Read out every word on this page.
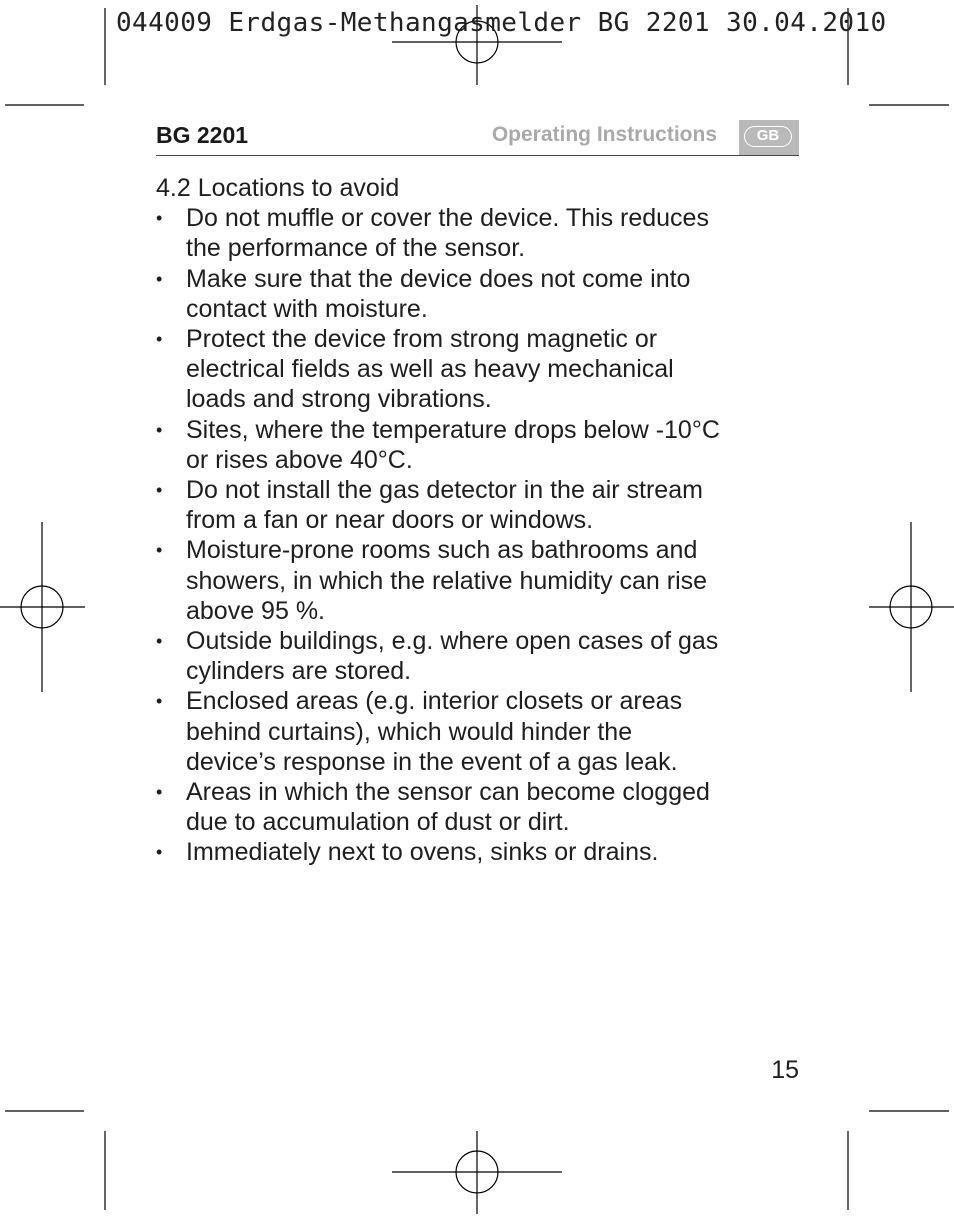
044009 Erdgas-Methangasmelder BG 2201 30.04.2010
BG 2201	Operating Instructions	GB
4.2 Locations to avoid
• Do not muffle or cover the device. This reduces
the performance of the sensor.
• Make sure that the device does not come into
contact with moisture.
• Protect the device from strong magnetic or
electrical fields as well as heavy mechanical
loads and strong vibrations.
• Sites, where the temperature drops below -10°C
or rises above 40°C.
• Do not install the gas detector in the air stream
from a fan or near doors or windows.
• Moisture-prone rooms such as bathrooms and
showers, in which the relative humidity can rise
above 95 %.
• Outside buildings, e.g. where open cases of gas
cylinders are stored.
• Enclosed areas (e.g. interior closets or areas
behind curtains), which would hinder the
device’s response in the event of a gas leak.
• Areas in which the sensor can become clogged
due to accumulation of dust or dirt.
• Immediately next to ovens, sinks or drains.
15
